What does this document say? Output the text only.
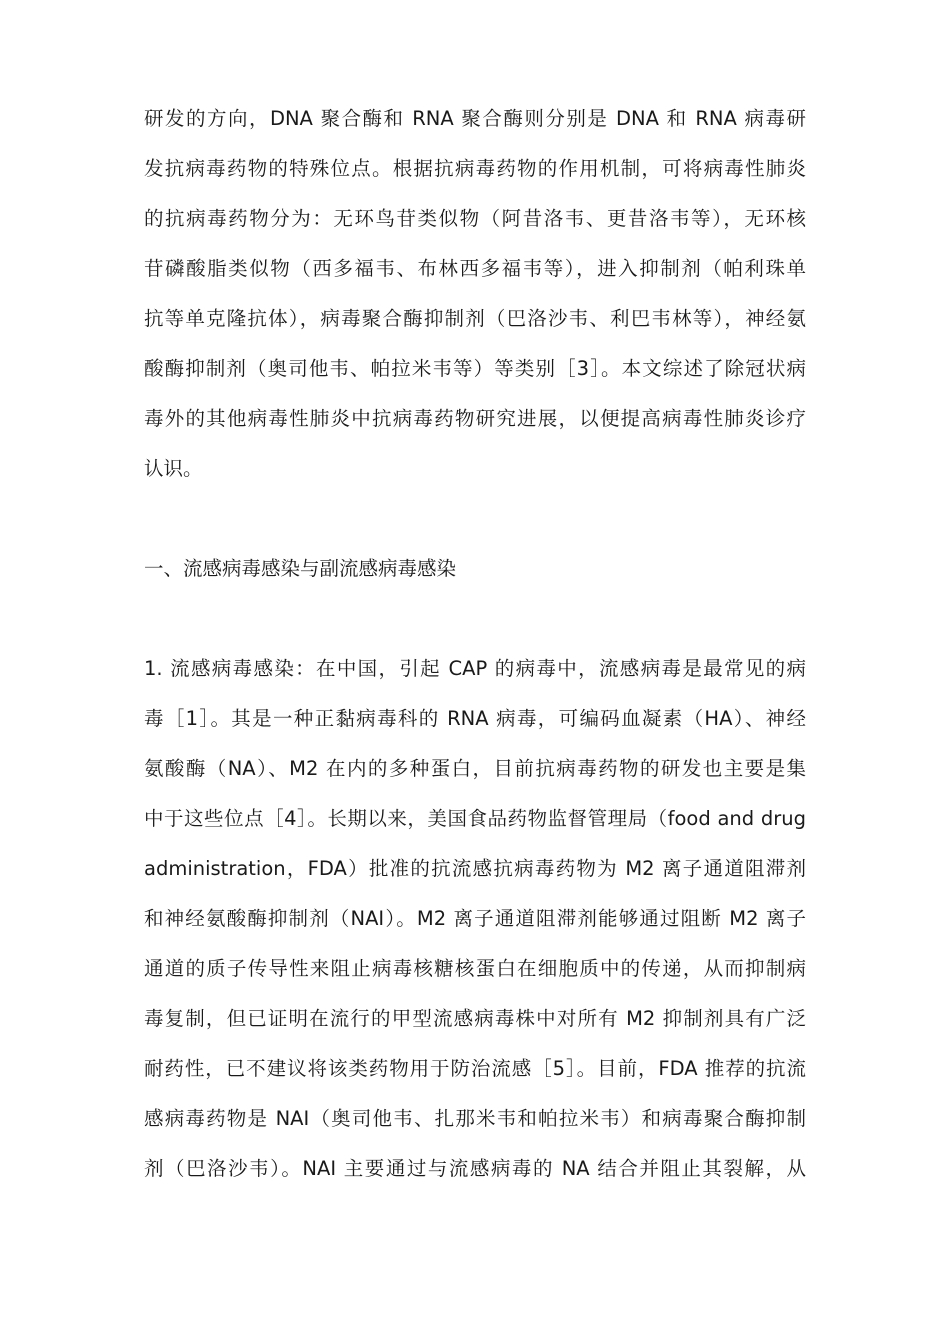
研发的方向，DNA 聚合酶和 RNA 聚合酶则分别是 DNA 和 RNA 病毒研
发抗病毒药物的特殊位点。根据抗病毒药物的作用机制，可将病毒性肺炎
的抗病毒药物分为：无环鸟苷类似物（阿昔洛韦、更昔洛韦等），无环核
苷磷酸脂类似物（西多福韦、布林西多福韦等），进入抑制剂（帕利珠单
抗等单克隆抗体），病毒聚合酶抑制剂（巴洛沙韦、利巴韦林等），神经氨
酸酶抑制剂（奥司他韦、帕拉米韦等）等类别［3］。本文综述了除冠状病
毒外的其他病毒性肺炎中抗病毒药物研究进展，以便提高病毒性肺炎诊疗
认识。
一、流感病毒感染与副流感病毒感染
1. 流感病毒感染：在中国，引起 CAP 的病毒中，流感病毒是最常见的病
毒［1］。其是一种正黏病毒科的 RNA 病毒，可编码血凝素（HA）、神经
氨酸酶（NA）、M2 在内的多种蛋白，目前抗病毒药物的研发也主要是集
中于这些位点［4］。长期以来，美国食品药物监督管理局（food and drug
administration，FDA）批准的抗流感抗病毒药物为 M2 离子通道阻滞剂
和神经氨酸酶抑制剂（NAI）。M2 离子通道阻滞剂能够通过阻断 M2 离子
通道的质子传导性来阻止病毒核糖核蛋白在细胞质中的传递，从而抑制病
毒复制，但已证明在流行的甲型流感病毒株中对所有 M2 抑制剂具有广泛
耐药性，已不建议将该类药物用于防治流感［5］。目前，FDA 推荐的抗流
感病毒药物是 NAI（奥司他韦、扎那米韦和帕拉米韦）和病毒聚合酶抑制
剂（巴洛沙韦）。NAI 主要通过与流感病毒的 NA 结合并阻止其裂解，从
